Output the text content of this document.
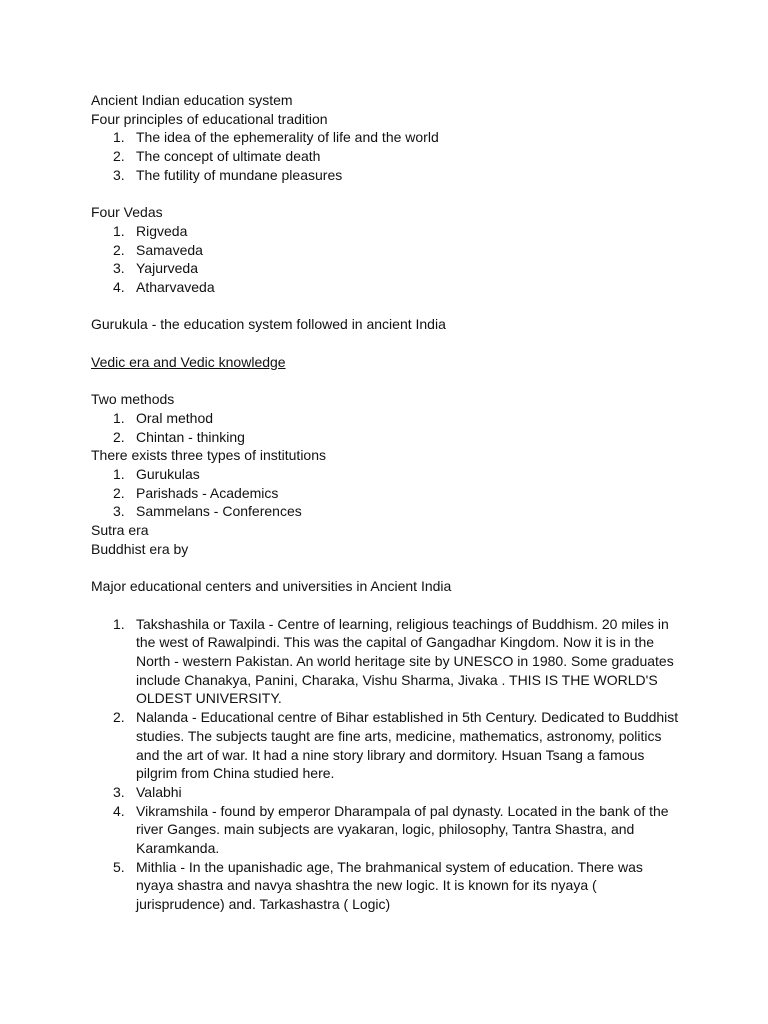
Ancient Indian education system
Four principles of educational tradition
1. The idea of the ephemerality of life and the world
2. The concept of ultimate death
3. The futility of mundane pleasures
Four Vedas
1. Rigveda
2. Samaveda
3. Yajurveda
4. Atharvaveda
Gurukula - the education system followed in ancient India
Vedic era and Vedic knowledge
Two methods
1. Oral method
2. Chintan - thinking
There exists three types of institutions
1. Gurukulas
2. Parishads - Academics
3. Sammelans - Conferences
Sutra era
Buddhist era by
Major educational centers and universities in Ancient India
1. Takshashila or Taxila - Centre of learning, religious teachings of Buddhism. 20 miles in the west of Rawalpindi. This was the capital of Gangadhar Kingdom. Now it is in the North - western Pakistan. An world heritage site by UNESCO in 1980. Some graduates include Chanakya, Panini, Charaka, Vishu Sharma, Jivaka . THIS IS THE WORLD'S OLDEST UNIVERSITY.
2. Nalanda - Educational centre of Bihar established in 5th Century. Dedicated to Buddhist studies. The subjects taught are fine arts, medicine, mathematics, astronomy, politics and the art of war. It had a nine story library and dormitory. Hsuan Tsang a famous pilgrim from China studied here.
3. Valabhi
4. Vikramshila - found by emperor Dharampala of pal dynasty. Located in the bank of the river Ganges. main subjects are vyakaran, logic, philosophy, Tantra Shastra, and Karamkanda.
5. Mithlia - In the upanishadic age, The brahmanical system of education. There was nyaya shastra and navya shashtra the new logic. It is known for its nyaya ( jurisprudence) and. Tarkashastra ( Logic)
